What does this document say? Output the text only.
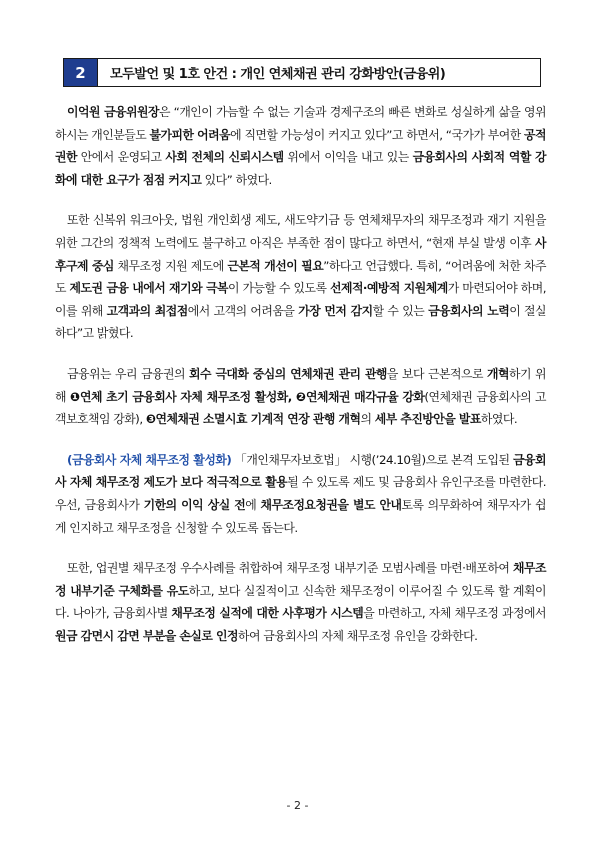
2	모두발언 및 1호 안건 : 개인 연체채권 관리 강화방안(금융위)

이억원 금융위원장은 “개인이 가늠할 수 없는 기술과 경제구조의 빠른 변화로 성실하게 삶을 영위하시는 개인분들도 불가피한 어려움에 직면할 가능성이 커지고 있다”고 하면서, “국가가 부여한 공적 권한 안에서 운영되고 사회 전체의 신뢰시스템 위에서 이익을 내고 있는 금융회사의 사회적 역할 강화에 대한 요구가 점점 커지고 있다” 하였다.

또한 신복위 워크아웃, 법원 개인회생 제도, 새도약기금 등 연체채무자의 채무조정과 재기 지원을 위한 그간의 정책적 노력에도 불구하고 아직은 부족한 점이 많다고 하면서, “현재 부실 발생 이후 사후구제 중심 채무조정 지원 제도에 근본적 개선이 필요”하다고 언급했다. 특히, “어려움에 처한 차주도 제도권 금융 내에서 재기와 극복이 가능할 수 있도록 선제적·예방적 지원체계가 마련되어야 하며, 이를 위해 고객과의 최접점에서 고객의 어려움을 가장 먼저 감지할 수 있는 금융회사의 노력이 절실하다”고 밝혔다.

금융위는 우리 금융권의 회수 극대화 중심의 연체채권 관리 관행을 보다 근본적으로 개혁하기 위해 ❶연체 초기 금융회사 자체 채무조정 활성화, ❷연체채권 매각규율 강화(연체채권 금융회사의 고객보호책임 강화), ❸연체채권 소멸시효 기계적 연장 관행 개혁의 세부 추진방안을 발표하였다.

(금융회사 자체 채무조정 활성화) 「개인채무자보호법」 시행(’24.10월)으로 본격 도입된 금융회사 자체 채무조정 제도가 보다 적극적으로 활용될 수 있도록 제도 및 금융회사 유인구조를 마련한다. 우선, 금융회사가 기한의 이익 상실 전에 채무조정요청권을 별도 안내토록 의무화하여 채무자가 쉽게 인지하고 채무조정을 신청할 수 있도록 돕는다.

또한, 업권별 채무조정 우수사례를 취합하여 채무조정 내부기준 모범사례를 마련·배포하여 채무조정 내부기준 구체화를 유도하고, 보다 실질적이고 신속한 채무조정이 이루어질 수 있도록 할 계획이다. 나아가, 금융회사별 채무조정 실적에 대한 사후평가 시스템을 마련하고, 자체 채무조정 과정에서 원금 감면시 감면 부분을 손실로 인정하여 금융회사의 자체 채무조정 유인을 강화한다.

- 2 -
